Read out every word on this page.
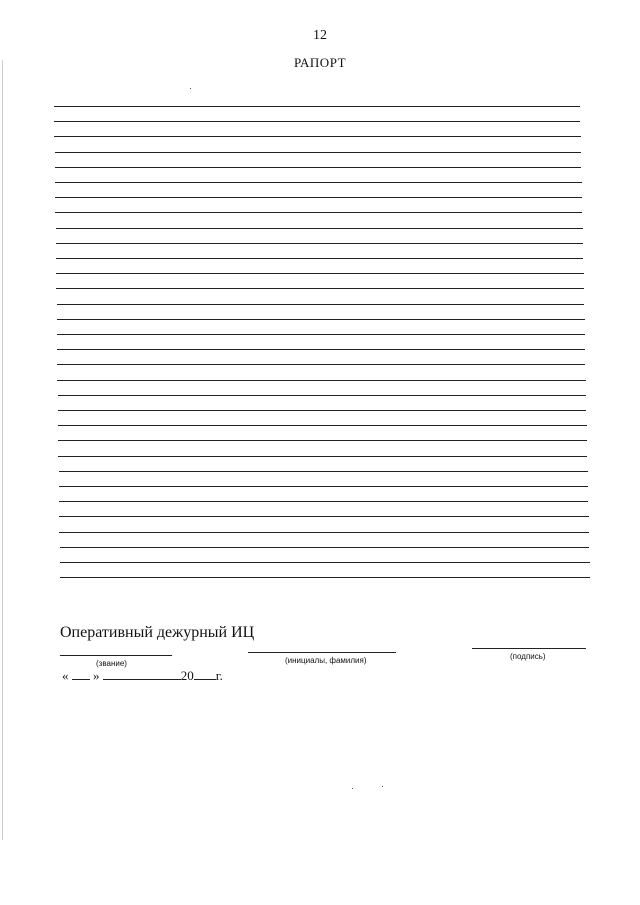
12
РАПОРТ
Оперативный дежурный ИЦ
(звание)	(инициалы, фамилия)	(подпись)
« »	20 г.
